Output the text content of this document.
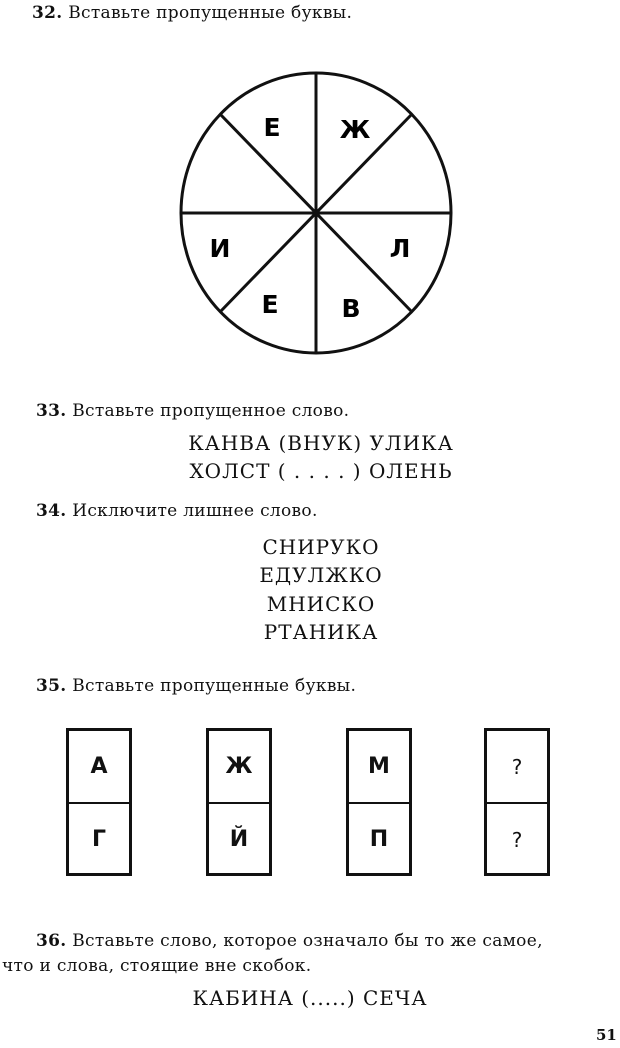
32. Вставьте пропущенные буквы.
Е Ж
Л
В
Е
И
33. Вставьте пропущенное слово.
КАНВА (ВНУК) УЛИКА
ХОЛСТ ( . . . . ) ОЛЕНЬ
34. Исключите лишнее слово.
СНИРУКО
ЕДУЛЖКО
МНИСКО
РТАНИКА
35. Вставьте пропущенные буквы.
А
Г
Ж
Й
М
П
?
?
36. Вставьте слово, которое означало бы то же самое,
что и слова, стоящие вне скобок.
КАБИНА (.....) СЕЧА
51
